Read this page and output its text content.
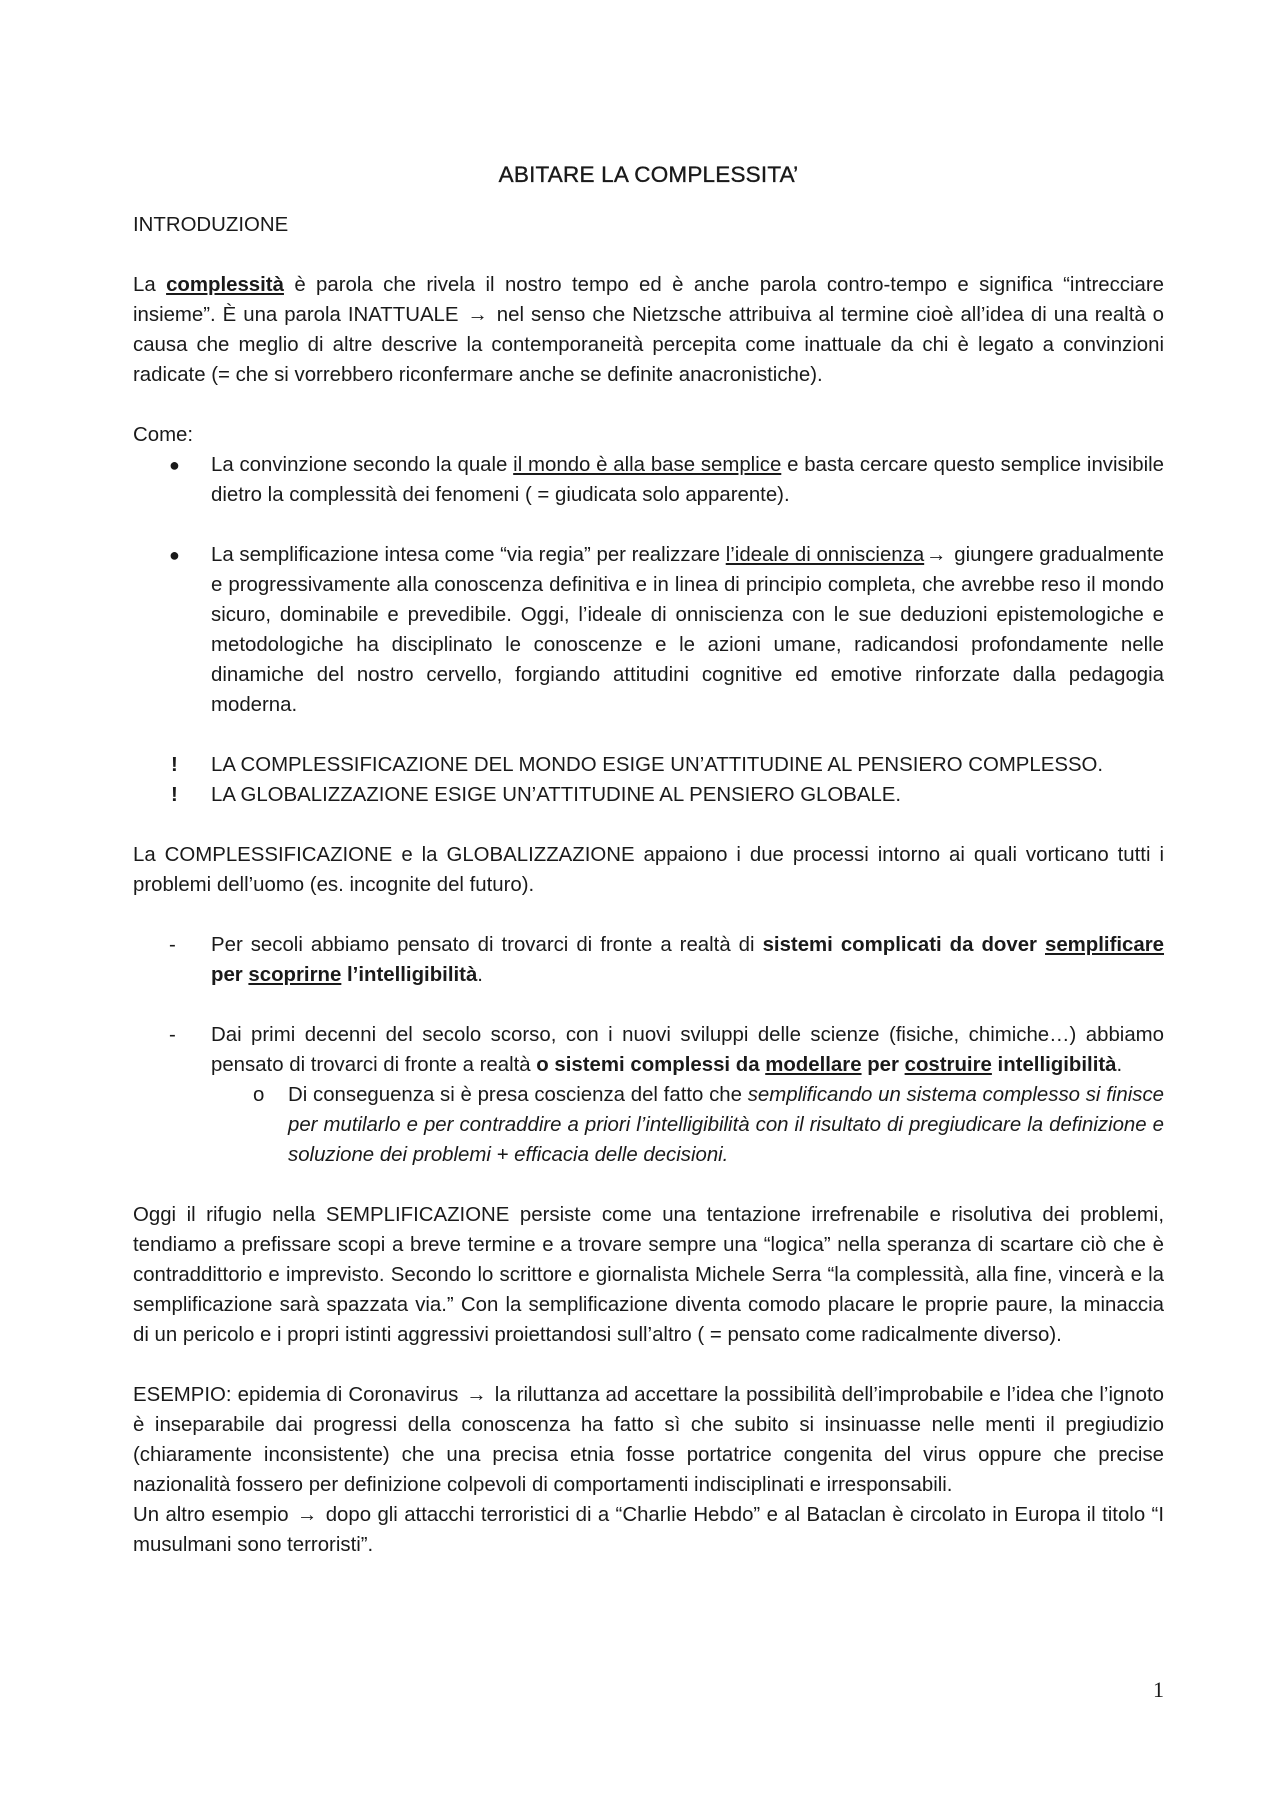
ABITARE LA COMPLESSITA’

INTRODUZIONE

La complessità è parola che rivela il nostro tempo ed è anche parola contro-tempo e significa “intrecciare insieme”. È una parola INATTUALE → nel senso che Nietzsche attribuiva al termine cioè all’idea di una realtà o causa che meglio di altre descrive la contemporaneità percepita come inattuale da chi è legato a convinzioni radicate (= che si vorrebbero riconfermare anche se definite anacronistiche).

Come:

●	La convinzione secondo la quale il mondo è alla base semplice e basta cercare questo semplice invisibile dietro la complessità dei fenomeni ( = giudicata solo apparente).
●	La semplificazione intesa come “via regia” per realizzare l’ideale di onniscienza→ giungere gradualmente e progressivamente alla conoscenza definitiva e in linea di principio completa, che avrebbe reso il mondo sicuro, dominabile e prevedibile. Oggi, l’ideale di onniscienza con le sue deduzioni epistemologiche e metodologiche ha disciplinato le conoscenze e le azioni umane, radicandosi profondamente nelle dinamiche del nostro cervello, forgiando attitudini cognitive ed emotive rinforzate dalla pedagogia moderna.
!	LA COMPLESSIFICAZIONE DEL MONDO ESIGE UN’ATTITUDINE AL PENSIERO COMPLESSO.
!	LA GLOBALIZZAZIONE ESIGE UN’ATTITUDINE AL PENSIERO GLOBALE.

La COMPLESSIFICAZIONE e la GLOBALIZZAZIONE appaiono i due processi intorno ai quali vorticano tutti i problemi dell’uomo (es. incognite del futuro).

-	Per secoli abbiamo pensato di trovarci di fronte a realtà di sistemi complicati da dover semplificare per scoprirne l’intelligibilità.
-	Dai primi decenni del secolo scorso, con i nuovi sviluppi delle scienze (fisiche, chimiche…) abbiamo pensato di trovarci di fronte a realtà o sistemi complessi da modellare per costruire intelligibilità.
o Di conseguenza si è presa coscienza del fatto che semplificando un sistema complesso si finisce per mutilarlo e per contraddire a priori l’intelligibilità con il risultato di pregiudicare la definizione e soluzione dei problemi + efficacia delle decisioni.

Oggi il rifugio nella SEMPLIFICAZIONE persiste come una tentazione irrefrenabile e risolutiva dei problemi, tendiamo a prefissare scopi a breve termine e a trovare sempre una “logica” nella speranza di scartare ciò che è contraddittorio e imprevisto. Secondo lo scrittore e giornalista Michele Serra “la complessità, alla fine, vincerà e la semplificazione sarà spazzata via.” Con la semplificazione diventa comodo placare le proprie paure, la minaccia di un pericolo e i propri istinti aggressivi proiettandosi sull’altro ( = pensato come radicalmente diverso).

ESEMPIO: epidemia di Coronavirus → la riluttanza ad accettare la possibilità dell’improbabile e l’idea che l’ignoto è inseparabile dai progressi della conoscenza ha fatto sì che subito si insinuasse nelle menti il pregiudizio (chiaramente inconsistente) che una precisa etnia fosse portatrice congenita del virus oppure che precise nazionalità fossero per definizione colpevoli di comportamenti indisciplinati e irresponsabili.

Un altro esempio → dopo gli attacchi terroristici di a “Charlie Hebdo” e al Bataclan è circolato in Europa il titolo “I musulmani sono terroristi”.

1
